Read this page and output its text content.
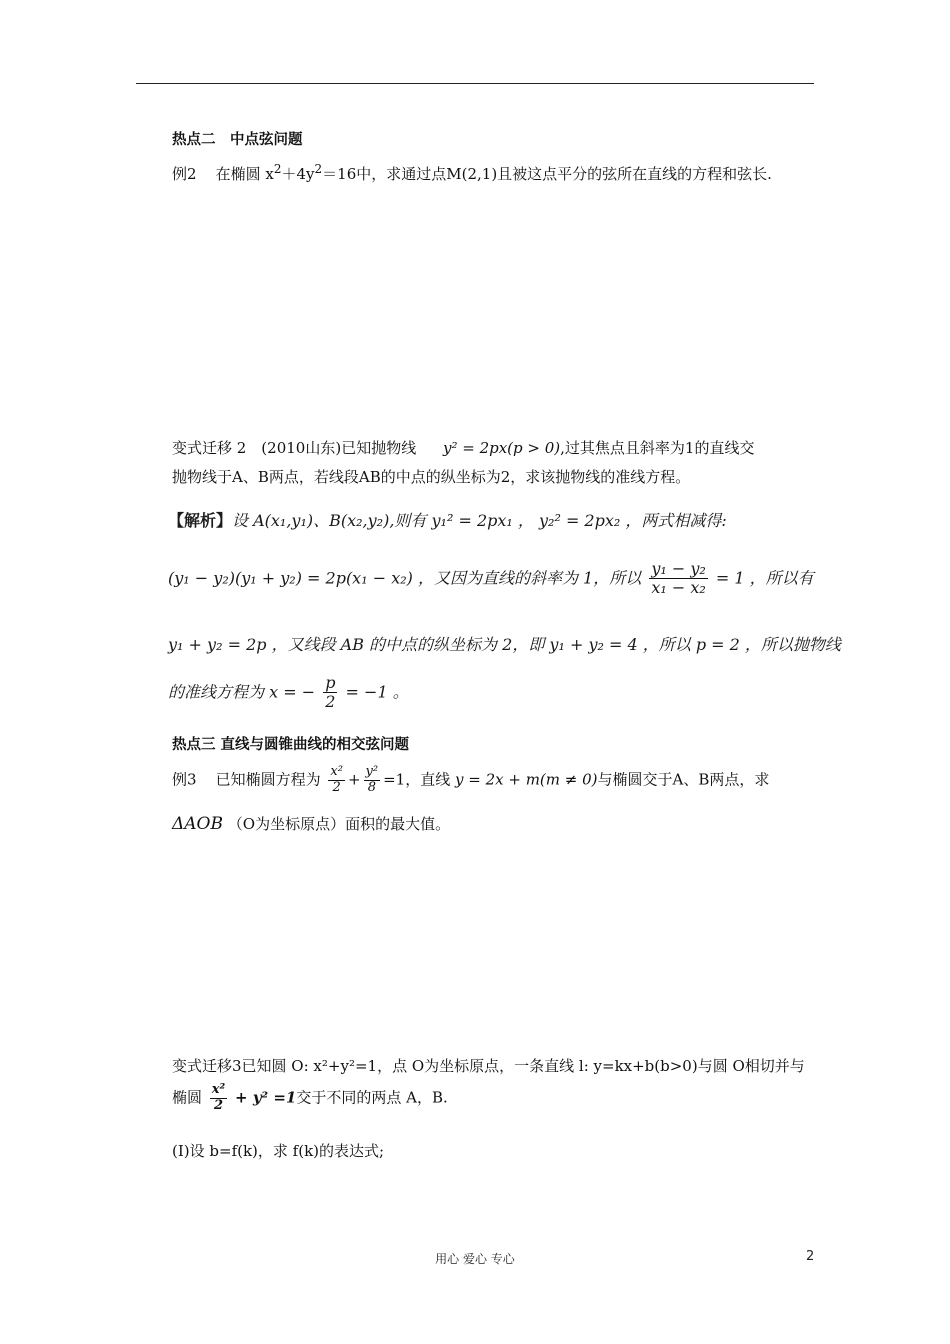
热点二　中点弦问题
例2 在椭圆 $x^2+4y^2=16$中，求通过点M(2,1)且被这点平分的弦所在直线的方程和弦长.
变式迁移 2　(2010山东)已知抛物线 y² = 2px(p > 0),过其焦点且斜率为1的直线交
抛物线于A、B两点，若线段AB的中点的纵坐标为2，求该抛物线的准线方程。
【解析】设 A(x₁,y₁)、B(x₂,y₂),则有 y₁² = 2px₁ ， y₂² = 2px₂ ，两式相减得:
(y₁ − y₂)(y₁ + y₂) = 2p(x₁ − x₂) ，又因为直线的斜率为 1，所以 $\frac{\text{y₁ − y₂}}{\text{x₁ − x₂}} = 1$ ，所以有
y₁ + y₂ = 2p ，又线段 AB 的中点的纵坐标为 2，即 y₁ + y₂ = 4 ，所以 p = 2 ，所以抛物线
的准线方程为 x = − $\frac{p}{2} = -1$ 。
热点三 直线与圆锥曲线的相交弦问题
例3 已知椭圆方程为 $\frac{\text{x²}}{2} + \frac{\text{y²}}{8} =1$，直线 y = 2x + m(m ≠ 0)与椭圆交于A、B两点，求
ΔAOB （O为坐标原点）面积的最大值。
变式迁移3已知圆 O: x²+y²=1，点 O为坐标原点，一条直线 l: y=kx+b(b>0)与圆 O相切并与
椭圆 $\frac{\text{x²}}{2} + y^2 =1$交于不同的两点 A，B.
(Ⅰ)设 b=f(k)，求 f(k)的表达式;
用心 爱心 专心	2
